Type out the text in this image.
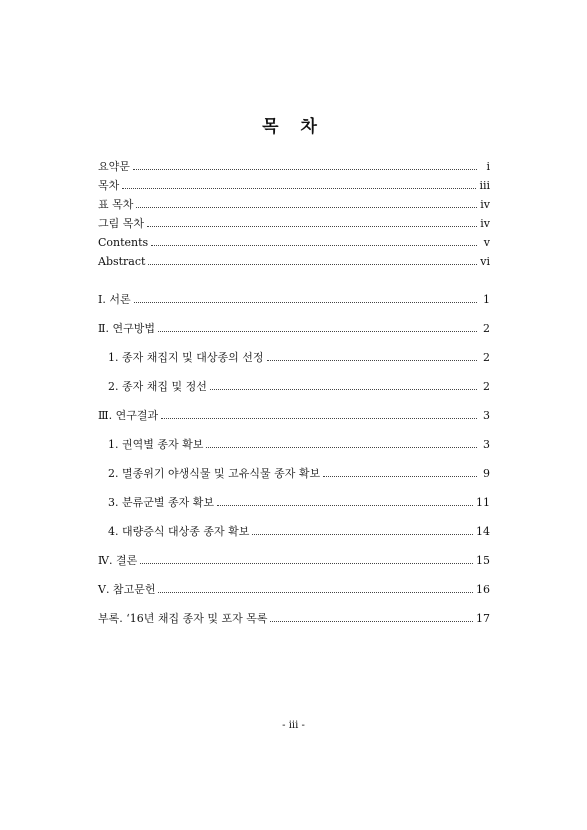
목 차
요약문	i
목차	iii
표 목차	iv
그림 목차	iv
Contents	v
Abstract	vi
Ⅰ. 서론	1
Ⅱ. 연구방법	2
1. 종자 채집지 및 대상종의 선정	2
2. 종자 채집 및 정선	2
Ⅲ. 연구결과	3
1. 권역별 종자 확보	3
2. 멸종위기 야생식물 및 고유식물 종자 확보	9
3. 분류군별 종자 확보	11
4. 대량증식 대상종 종자 확보	14
Ⅳ. 결론	15
Ⅴ. 참고문헌	16
부록. ‘16년 채집 종자 및 포자 목록	17
- iii -
